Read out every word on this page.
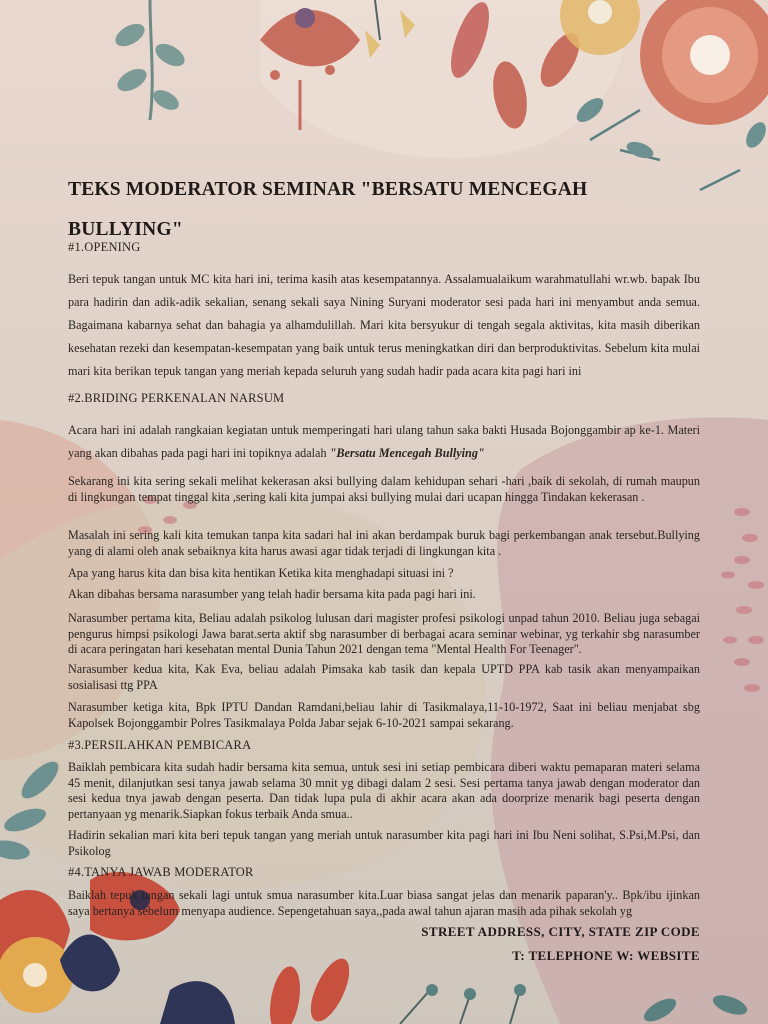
TEKS MODERATOR SEMINAR "BERSATU MENCEGAH BULLYING"
#1.OPENING
Beri tepuk tangan untuk MC kita hari ini, terima kasih atas kesempatannya. Assalamualaikum warahmatullahi wr.wb. bapak Ibu para hadirin dan adik-adik sekalian, senang sekali saya Nining Suryani moderator sesi pada hari ini menyambut anda semua. Bagaimana kabarnya sehat dan bahagia ya alhamdulillah. Mari kita bersyukur di tengah segala aktivitas, kita masih diberikan kesehatan rezeki dan kesempatan-kesempatan yang baik untuk terus meningkatkan diri dan berproduktivitas. Sebelum kita mulai mari kita berikan tepuk tangan yang meriah kepada seluruh yang sudah hadir pada acara kita pagi hari ini
#2.BRIDING PERKENALAN NARSUM
Acara hari ini adalah rangkaian kegiatan untuk memperingati hari ulang tahun saka bakti Husada Bojonggambir ap ke-1. Materi yang akan dibahas pada pagi hari ini topiknya adalah "Bersatu Mencegah Bullying"
Sekarang ini kita sering sekali melihat kekerasan aksi bullying dalam kehidupan sehari -hari ,baik di sekolah, di rumah maupun di lingkungan tempat tinggal kita ,sering kali kita jumpai aksi bullying mulai dari ucapan hingga Tindakan kekerasan .
Masalah ini sering kali kita temukan tanpa kita sadari hal ini akan berdampak buruk bagi perkembangan anak tersebut.Bullying yang di alami oleh anak sebaiknya kita harus awasi agar tidak terjadi di lingkungan kita .
Apa yang harus kita dan bisa kita hentikan Ketika kita menghadapi situasi ini ?
Akan dibahas bersama narasumber yang telah hadir bersama kita pada pagi hari ini.
Narasumber pertama kita, Beliau adalah psikolog lulusan dari magister profesi psikologi unpad tahun 2010. Beliau juga sebagai pengurus himpsi psikologi Jawa barat.serta aktif sbg narasumber di berbagai acara seminar webinar, yg terkahir sbg narasumber di acara peringatan hari kesehatan mental Dunia Tahun 2021 dengan tema "Mental Health For Teenager".
Narasumber kedua kita, Kak Eva, beliau adalah Pimsaka kab tasik dan kepala UPTD PPA kab tasik akan menyampaikan sosialisasi ttg PPA
Narasumber ketiga kita, Bpk IPTU Dandan Ramdani,beliau lahir di Tasikmalaya,11-10-1972, Saat ini beliau menjabat sbg Kapolsek Bojonggambir Polres Tasikmalaya Polda Jabar sejak 6-10-2021 sampai sekarang.
#3.PERSILAHKAN PEMBICARA
Baiklah pembicara kita sudah hadir bersama kita semua, untuk sesi ini setiap pembicara diberi waktu pemaparan materi selama 45 menit, dilanjutkan sesi tanya jawab selama 30 mnit yg dibagi dalam 2 sesi. Sesi pertama tanya jawab dengan moderator dan sesi kedua tnya jawab dengan peserta. Dan tidak lupa pula di akhir acara akan ada doorprize menarik bagi peserta dengan pertanyaan yg menarik.Siapkan fokus terbaik Anda smua..
Hadirin sekalian mari kita beri tepuk tangan yang meriah untuk narasumber kita pagi hari ini Ibu Neni solihat, S.Psi,M.Psi, dan Psikolog
#4.TANYA JAWAB MODERATOR
Baiklah tepuk tangan sekali lagi untuk smua narasumber kita.Luar biasa sangat jelas dan menarik paparan'y.. Bpk/ibu ijinkan saya bertanya sebelum menyapa audience. Sepengetahuan saya,,pada awal tahun ajaran masih ada pihak sekolah yg
STREET ADDRESS, CITY, STATE ZIP CODE
T: TELEPHONE W: WEBSITE
